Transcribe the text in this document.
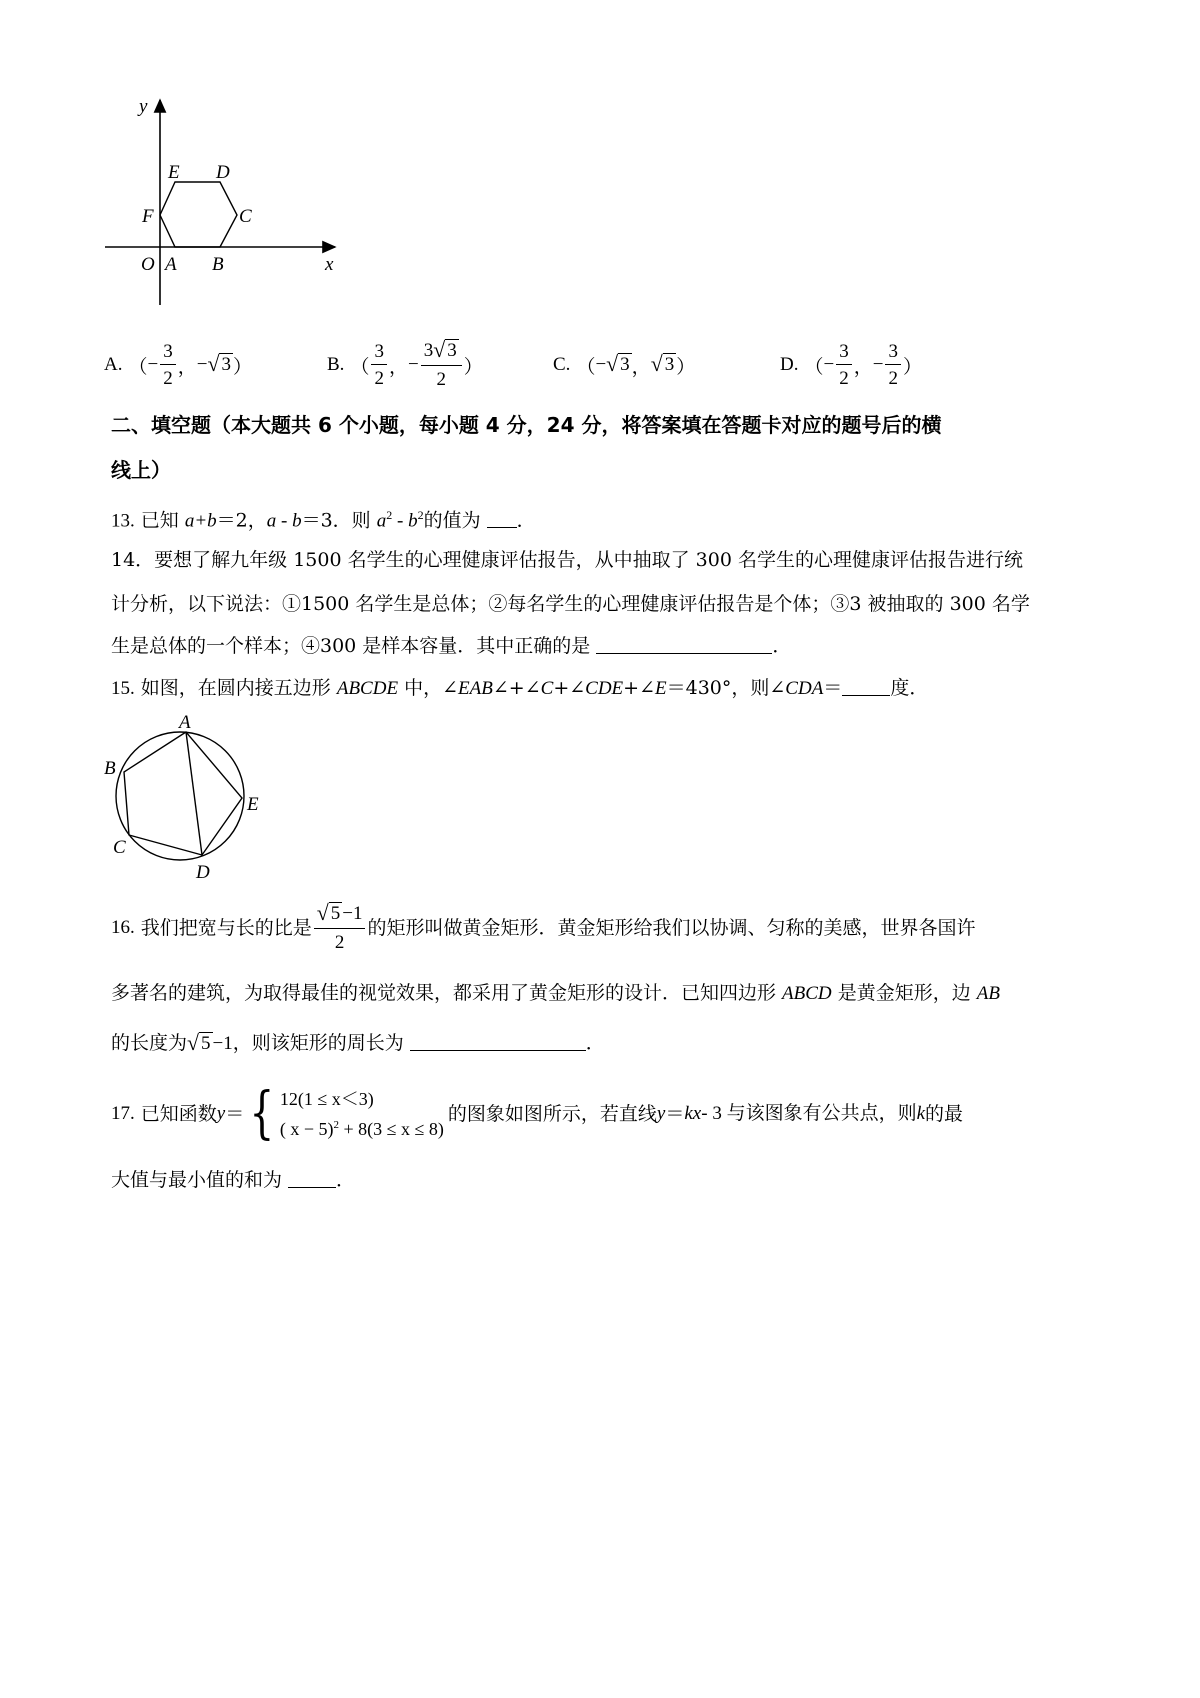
y
x
O A B
C
D
E
F
A. （ − $\frac{3}{2}$ ， − √ 3 ）	B. （ $\frac{3}{2}$ ， − $\frac{3 √ 3}{2}$ ）	C. （ − √ 3 ， √ 3 ）	D. （ − $\frac{3}{2}$ ， − $\frac{3}{2}$ ）
二、填空题（本大题共 6 个小题，每小题 4 分，24 分，将答案填在答题卡对应的题号后的横
线上）
13. 已知 a+b＝2，a - b＝3．则 $a^2 - b^2$的值为 ．
14．要想了解九年级 1500 名学生的心理健康评估报告，从中抽取了 300 名学生的心理健康评估报告进行统
计分析，以下说法：①1500 名学生是总体；②每名学生的心理健康评估报告是个体；③3 被抽取的 300 名学
生是总体的一个样本；④300 是样本容量．其中正确的是	．
15. 如图，在圆内接五边形 ABCDE 中，∠EAB∠+∠C+∠CDE+∠E＝430°，则∠CDA＝	度．
A
B
C
D
E
16. 我们把宽与长的比是 $\frac{√ 5 -1}{2}$ 的矩形叫做黄金矩形．黄金矩形给我们以协调、匀称的美感，世界各国许
多著名的建筑，为取得最佳的视觉效果，都采用了黄金矩形的设计．已知四边形 ABCD 是黄金矩形，边 AB
的长度为 √ 5 −1，则该矩形的周长为	．
17. 已知函数 y ＝ { 12(1 ≤ x＜3)
( x − 5)$^2$ + 8(3 ≤ x ≤ 8)
的图象如图所示，若直线 y ＝ kx - 3 与该图象有公共点，则 k 的最
大值与最小值的和为	．
